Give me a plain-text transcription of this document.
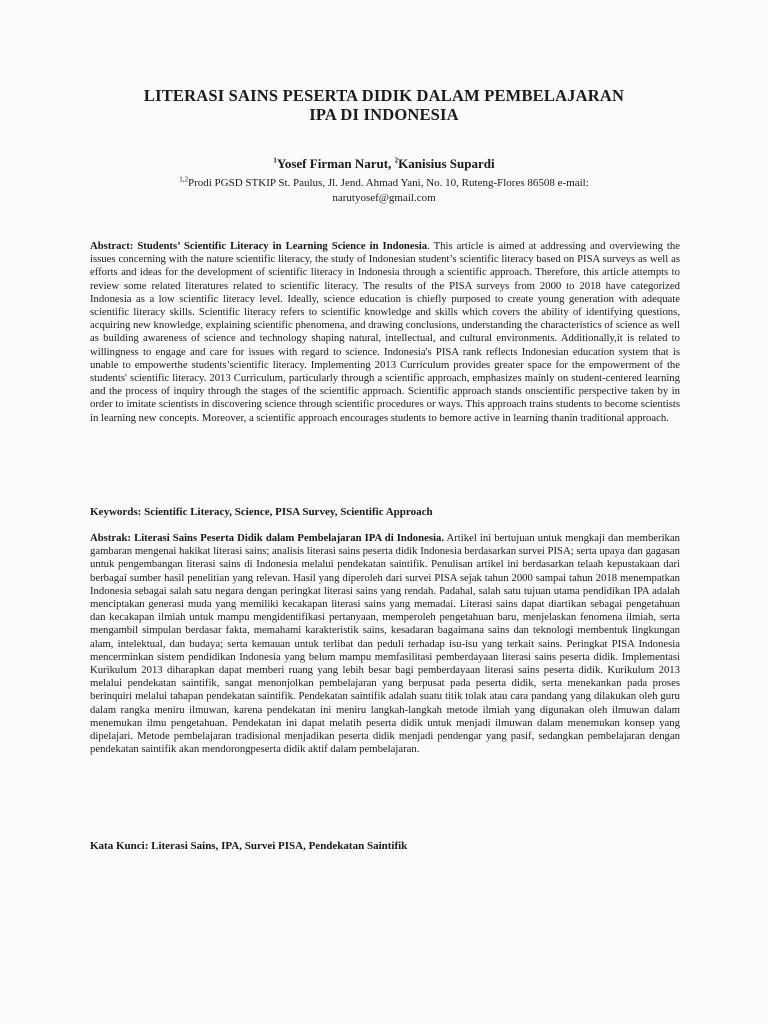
LITERASI SAINS PESERTA DIDIK DALAM PEMBELAJARAN
IPA DI INDONESIA

$^1$Yosef Firman Narut, $^2$Kanisius Supardi

$^{1,2}$Prodi PGSD STKIP St. Paulus, Jl. Jend. Ahmad Yani, No. 10, Ruteng-Flores 86508 e-mail:
narutyosef@gmail.com

Abstract: Students’ Scientific Literacy in Learning Science in Indonesia. This article is aimed at addressing and overviewing the issues concerning with the nature scientific literacy, the study of Indonesian student’s scientific literacy based on PISA surveys as well as efforts and ideas for the development of scientific literacy in Indonesia through a scientific approach. Therefore, this article attempts to review some related literatures related to scientific literacy. The results of the PISA surveys from 2000 to 2018 have categorized Indonesia as a low scientific literacy level. Ideally, science education is chiefly purposed to create young generation with adequate scientific literacy skills. Scientific literacy refers to scientific knowledge and skills which covers the ability of identifying questions, acquiring new knowledge, explaining scientific phenomena, and drawing conclusions, understanding the characteristics of science as well as building awareness of science and technology shaping natural, intellectual, and cultural environments. Additionally,it is related to willingness to engage and care for issues with regard to science. Indonesia's PISA rank reflects Indonesian education system that is unable to empowerthe students’scientific literacy. Implementing 2013 Curriculum provides greater space for the empowerment of the students' scientific literacy. 2013 Curriculum, particularly through a scientific approach, emphasizes mainly on student-centered learning and the process of inquiry through the stages of the scientific approach. Scientific approach stands onscientific perspective taken by in order to imitate scientists in discovering science through scientific procedures or ways. This approach trains students to become scientists in learning new concepts. Moreover, a scientific approach encourages students to bemore active in learning thanin traditional approach.

Keywords: Scientific Literacy, Science, PISA Survey, Scientific Approach

Abstrak: Literasi Sains Peserta Didik dalam Pembelajaran IPA di Indonesia. Artikel ini bertujuan untuk mengkaji dan memberikan gambaran mengenai hakikat literasi sains; analisis literasi sains peserta didik Indonesia berdasarkan survei PISA; serta upaya dan gagasan untuk pengembangan literasi sains di Indonesia melalui pendekatan saintifik. Penulisan artikel ini berdasarkan telaah kepustakaan dari berbagai sumber hasil penelitian yang relevan. Hasil yang diperoleh dari survei PISA sejak tahun 2000 sampai tahun 2018 menempatkan Indonesia sebagai salah satu negara dengan peringkat literasi sains yang rendah. Padahal, salah satu tujuan utama pendidikan IPA adalah menciptakan generasi muda yang memiliki kecakapan literasi sains yang memadai. Literasi sains dapat diartikan sebagai pengetahuan dan kecakapan ilmiah untuk mampu mengidentifikasi pertanyaan, memperoleh pengetahuan baru, menjelaskan fenomena ilmiah, serta mengambil simpulan berdasar fakta, memahami karakteristik sains, kesadaran bagaimana sains dan teknologi membentuk lingkungan alam, intelektual, dan budaya; serta kemauan untuk terlibat dan peduli terhadap isu-isu yang terkait sains. Peringkat PISA Indonesia mencerminkan sistem pendidikan Indonesia yang belum mampu memfasilitasi pemberdayaan literasi sains peserta didik. Implementasi Kurikulum 2013 diharapkan dapat memberi ruang yang lebih besar bagi pemberdayaan literasi sains peserta didik. Kurikulum 2013 melalui pendekatan saintifik, sangat menonjolkan pembelajaran yang berpusat pada peserta didik, serta menekankan pada proses berinquiri melalui tahapan pendekatan saintifik. Pendekatan saintifik adalah suatu titik tolak atau cara pandang yang dilakukan oleh guru dalam rangka meniru ilmuwan, karena pendekatan ini meniru langkah-langkah metode ilmiah yang digunakan oleh ilmuwan dalam menemukan ilmu pengetahuan. Pendekatan ini dapat melatih peserta didik untuk menjadi ilmuwan dalam menemukan konsep yang dipelajari. Metode pembelajaran tradisional menjadikan peserta didik menjadi pendengar yang pasif, sedangkan pembelajaran dengan pendekatan saintifik akan mendorongpeserta didik aktif dalam pembelajaran.

Kata Kunci: Literasi Sains, IPA, Survei PISA, Pendekatan Saintifik
